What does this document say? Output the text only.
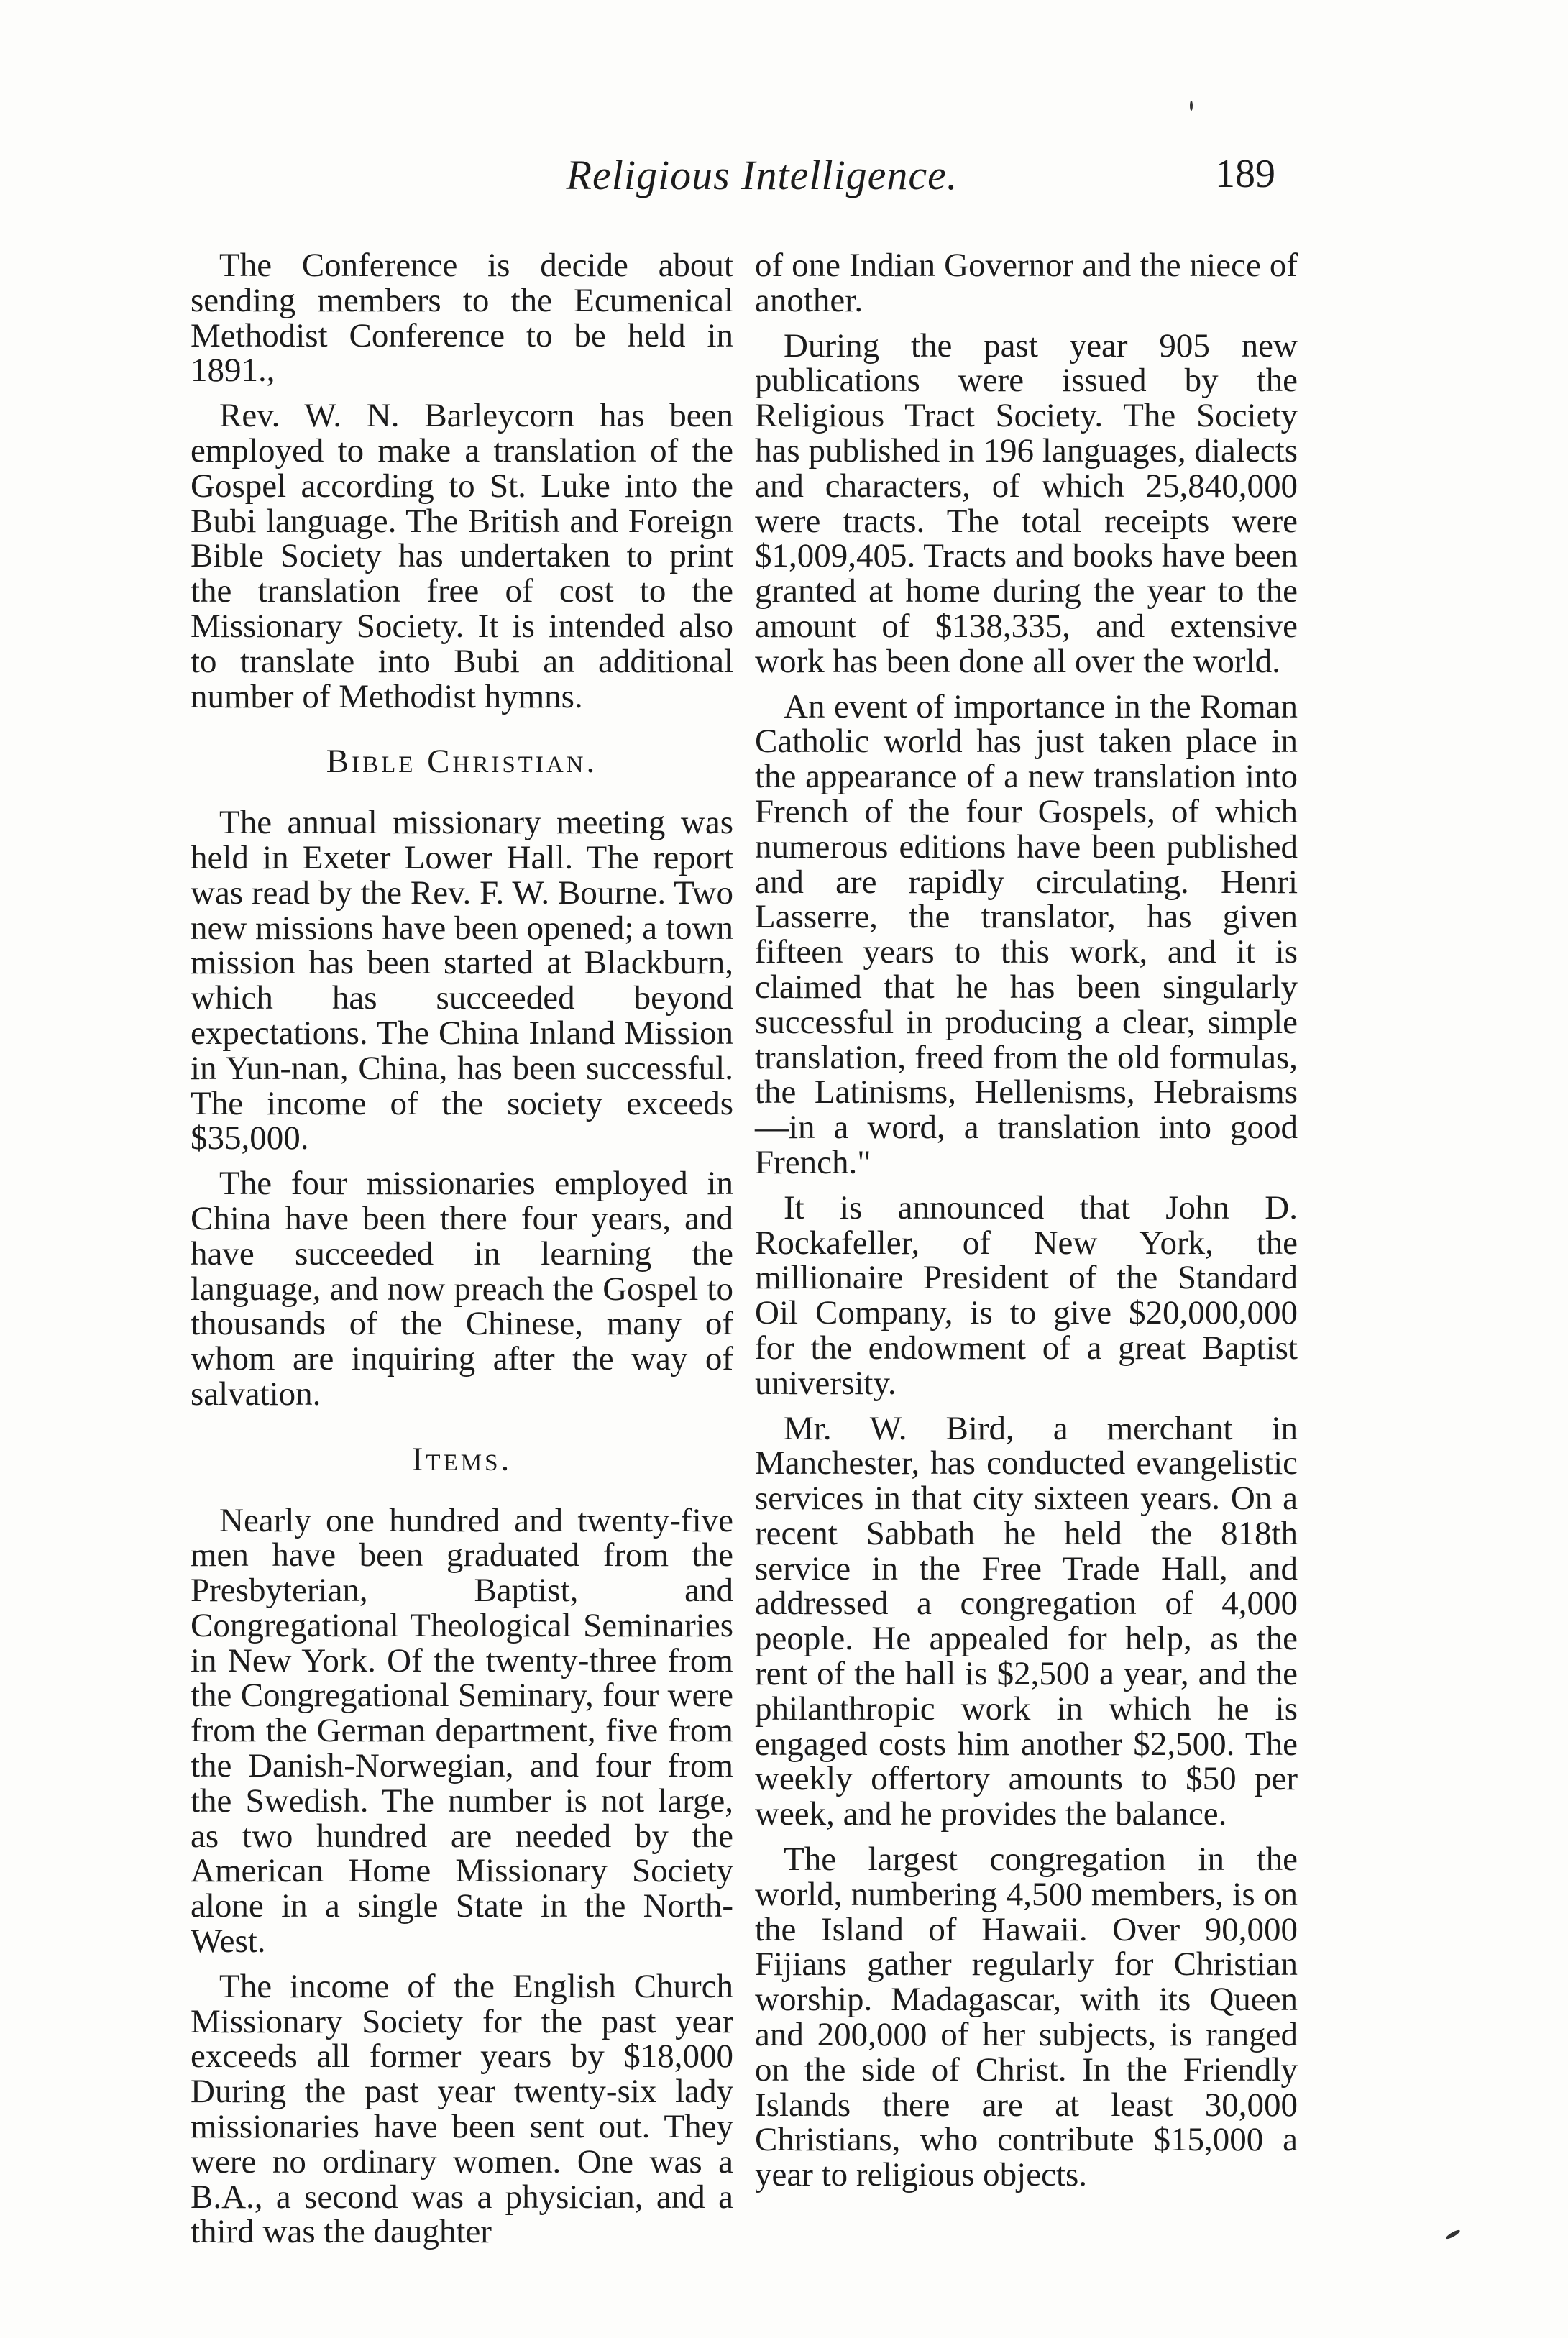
Religious Intelligence.	189

The Conference is decide about sending members to the Ecumenical Methodist Conference to be held in 1891.,

Rev. W. N. Barleycorn has been employed to make a translation of the Gospel according to St. Luke into the Bubi language. The British and Foreign Bible Society has undertaken to print the translation free of cost to the Missionary Society. It is intended also to translate into Bubi an additional number of Methodist hymns.

Bible Christian.

The annual missionary meeting was held in Exeter Lower Hall. The report was read by the Rev. F. W. Bourne. Two new missions have been opened; a town mission has been started at Blackburn, which has succeeded beyond expectations. The China Inland Mission in Yun-nan, China, has been successful. The income of the society exceeds $35,000.

The four missionaries employed in China have been there four years, and have succeeded in learning the language, and now preach the Gospel to thousands of the Chinese, many of whom are inquiring after the way of salvation.

Items.

Nearly one hundred and twenty-five men have been graduated from the Presbyterian, Baptist, and Congregational Theological Seminaries in New York. Of the twenty-three from the Congregational Seminary, four were from the German department, five from the Danish-Norwegian, and four from the Swedish. The number is not large, as two hundred are needed by the American Home Missionary Society alone in a single State in the North-West.

The income of the English Church Missionary Society for the past year exceeds all former years by $18,000 During the past year twenty-six lady missionaries have been sent out. They were no ordinary women. One was a B.A., a second was a physician, and a third was the daughter

of one Indian Governor and the niece of another.

During the past year 905 new publications were issued by the Religious Tract Society. The Society has published in 196 languages, dialects and characters, of which 25,840,000 were tracts. The total receipts were $1,009,405. Tracts and books have been granted at home during the year to the amount of $138,335, and extensive work has been done all over the world.

An event of importance in the Roman Catholic world has just taken place in the appearance of a new translation into French of the four Gospels, of which numerous editions have been published and are rapidly circulating. Henri Lasserre, the translator, has given fifteen years to this work, and it is claimed that he has been singularly successful in producing a clear, simple translation, freed from the old formulas, the Latinisms, Hellenisms, Hebraisms—in a word, a translation into good French."

It is announced that John D. Rockafeller, of New York, the millionaire President of the Standard Oil Company, is to give $20,000,000 for the endowment of a great Baptist university.

Mr. W. Bird, a merchant in Manchester, has conducted evangelistic services in that city sixteen years. On a recent Sabbath he held the 818th service in the Free Trade Hall, and addressed a congregation of 4,000 people. He appealed for help, as the rent of the hall is $2,500 a year, and the philanthropic work in which he is engaged costs him another $2,500. The weekly offertory amounts to $50 per week, and he provides the balance.

The largest congregation in the world, numbering 4,500 members, is on the Island of Hawaii. Over 90,000 Fijians gather regularly for Christian worship. Madagascar, with its Queen and 200,000 of her subjects, is ranged on the side of Christ. In the Friendly Islands there are at least 30,000 Christians, who contribute $15,000 a year to religious objects.
